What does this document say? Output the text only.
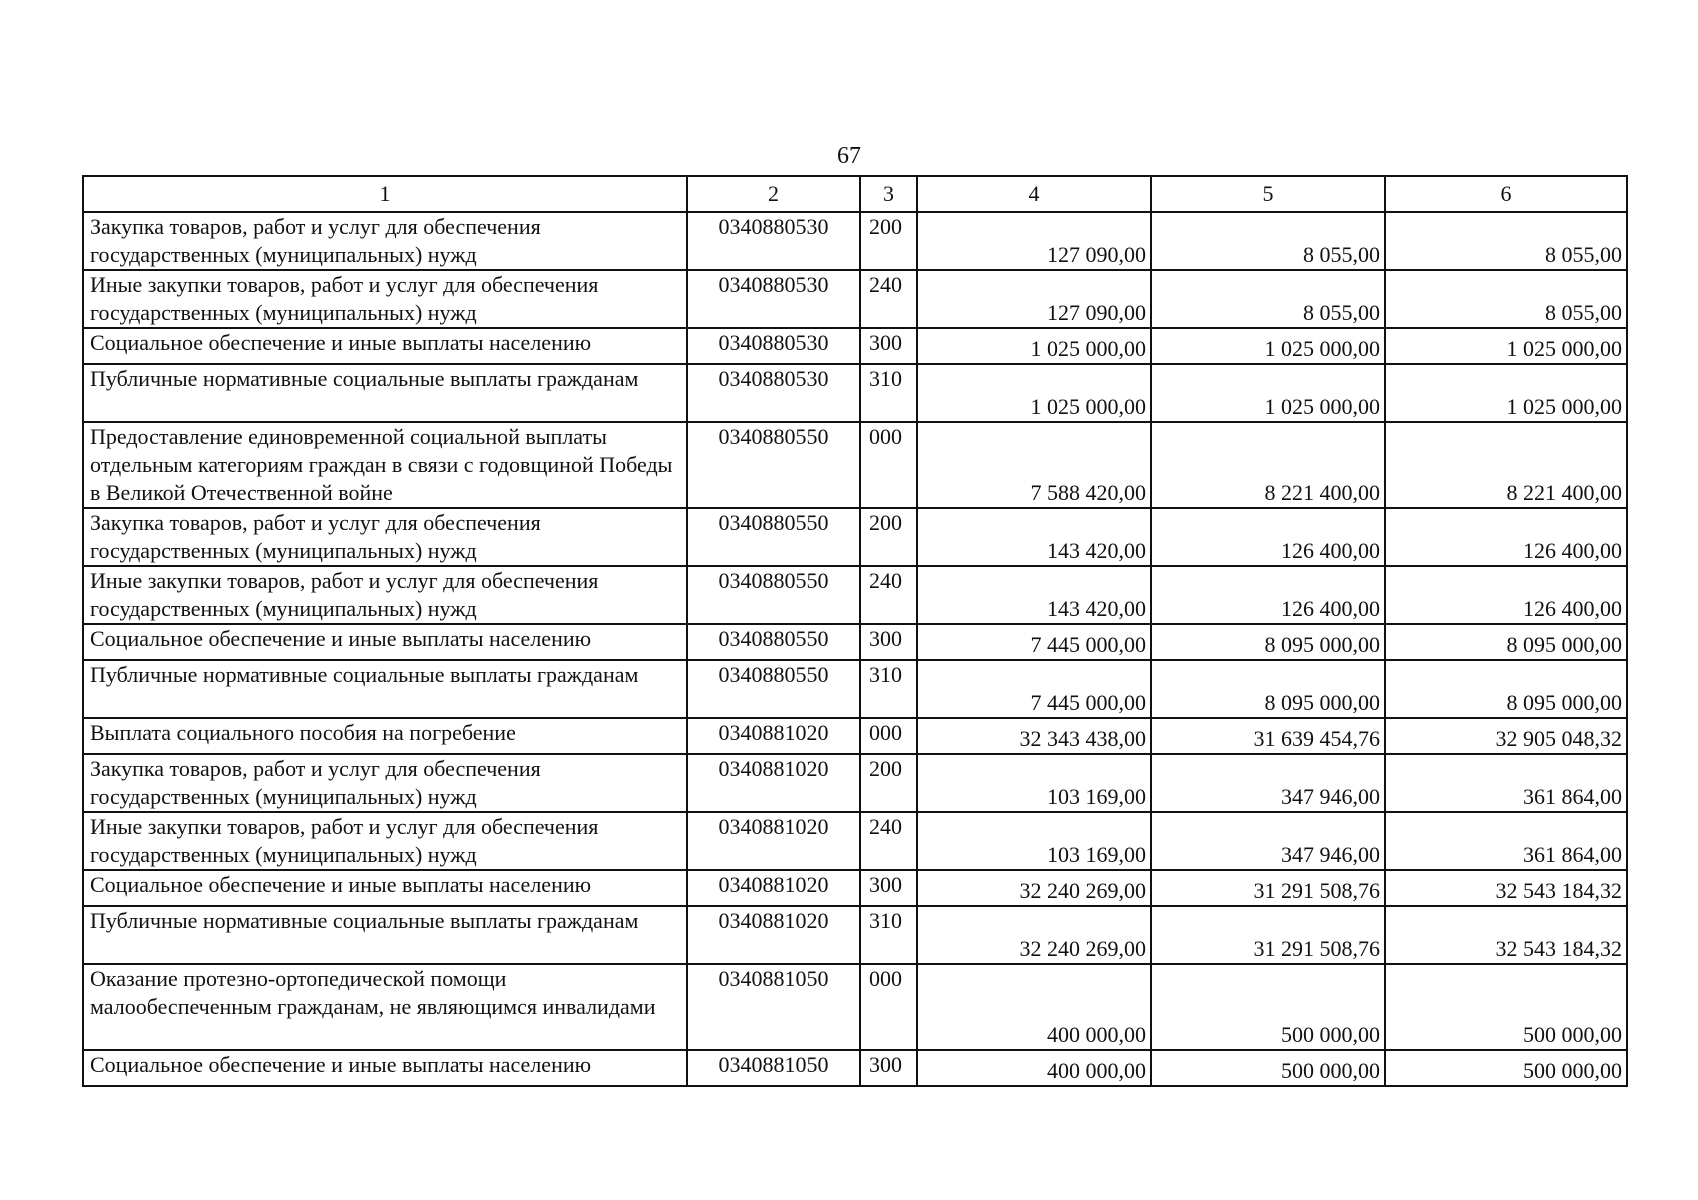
67
1	2	3	4	5	6
Закупка товаров, работ и услуг для обеспечения государственных (муниципальных) нужд	0340880530	200	127 090,00	8 055,00	8 055,00
Иные закупки товаров, работ и услуг для обеспечения государственных (муниципальных) нужд	0340880530	240	127 090,00	8 055,00	8 055,00
Социальное обеспечение и иные выплаты населению	0340880530	300	1 025 000,00	1 025 000,00	1 025 000,00
Публичные нормативные социальные выплаты гражданам	0340880530	310	1 025 000,00	1 025 000,00	1 025 000,00
Предоставление единовременной социальной выплаты отдельным категориям граждан в связи с годовщиной Победы в Великой Отечественной войне	0340880550	000	7 588 420,00	8 221 400,00	8 221 400,00
Закупка товаров, работ и услуг для обеспечения государственных (муниципальных) нужд	0340880550	200	143 420,00	126 400,00	126 400,00
Иные закупки товаров, работ и услуг для обеспечения государственных (муниципальных) нужд	0340880550	240	143 420,00	126 400,00	126 400,00
Социальное обеспечение и иные выплаты населению	0340880550	300	7 445 000,00	8 095 000,00	8 095 000,00
Публичные нормативные социальные выплаты гражданам	0340880550	310	7 445 000,00	8 095 000,00	8 095 000,00
Выплата социального пособия на погребение	0340881020	000	32 343 438,00	31 639 454,76	32 905 048,32
Закупка товаров, работ и услуг для обеспечения государственных (муниципальных) нужд	0340881020	200	103 169,00	347 946,00	361 864,00
Иные закупки товаров, работ и услуг для обеспечения государственных (муниципальных) нужд	0340881020	240	103 169,00	347 946,00	361 864,00
Социальное обеспечение и иные выплаты населению	0340881020	300	32 240 269,00	31 291 508,76	32 543 184,32
Публичные нормативные социальные выплаты гражданам	0340881020	310	32 240 269,00	31 291 508,76	32 543 184,32
Оказание протезно-ортопедической помощи малообеспеченным гражданам, не являющимся инвалидами	0340881050	000	400 000,00	500 000,00	500 000,00
Социальное обеспечение и иные выплаты населению	0340881050	300	400 000,00	500 000,00	500 000,00
